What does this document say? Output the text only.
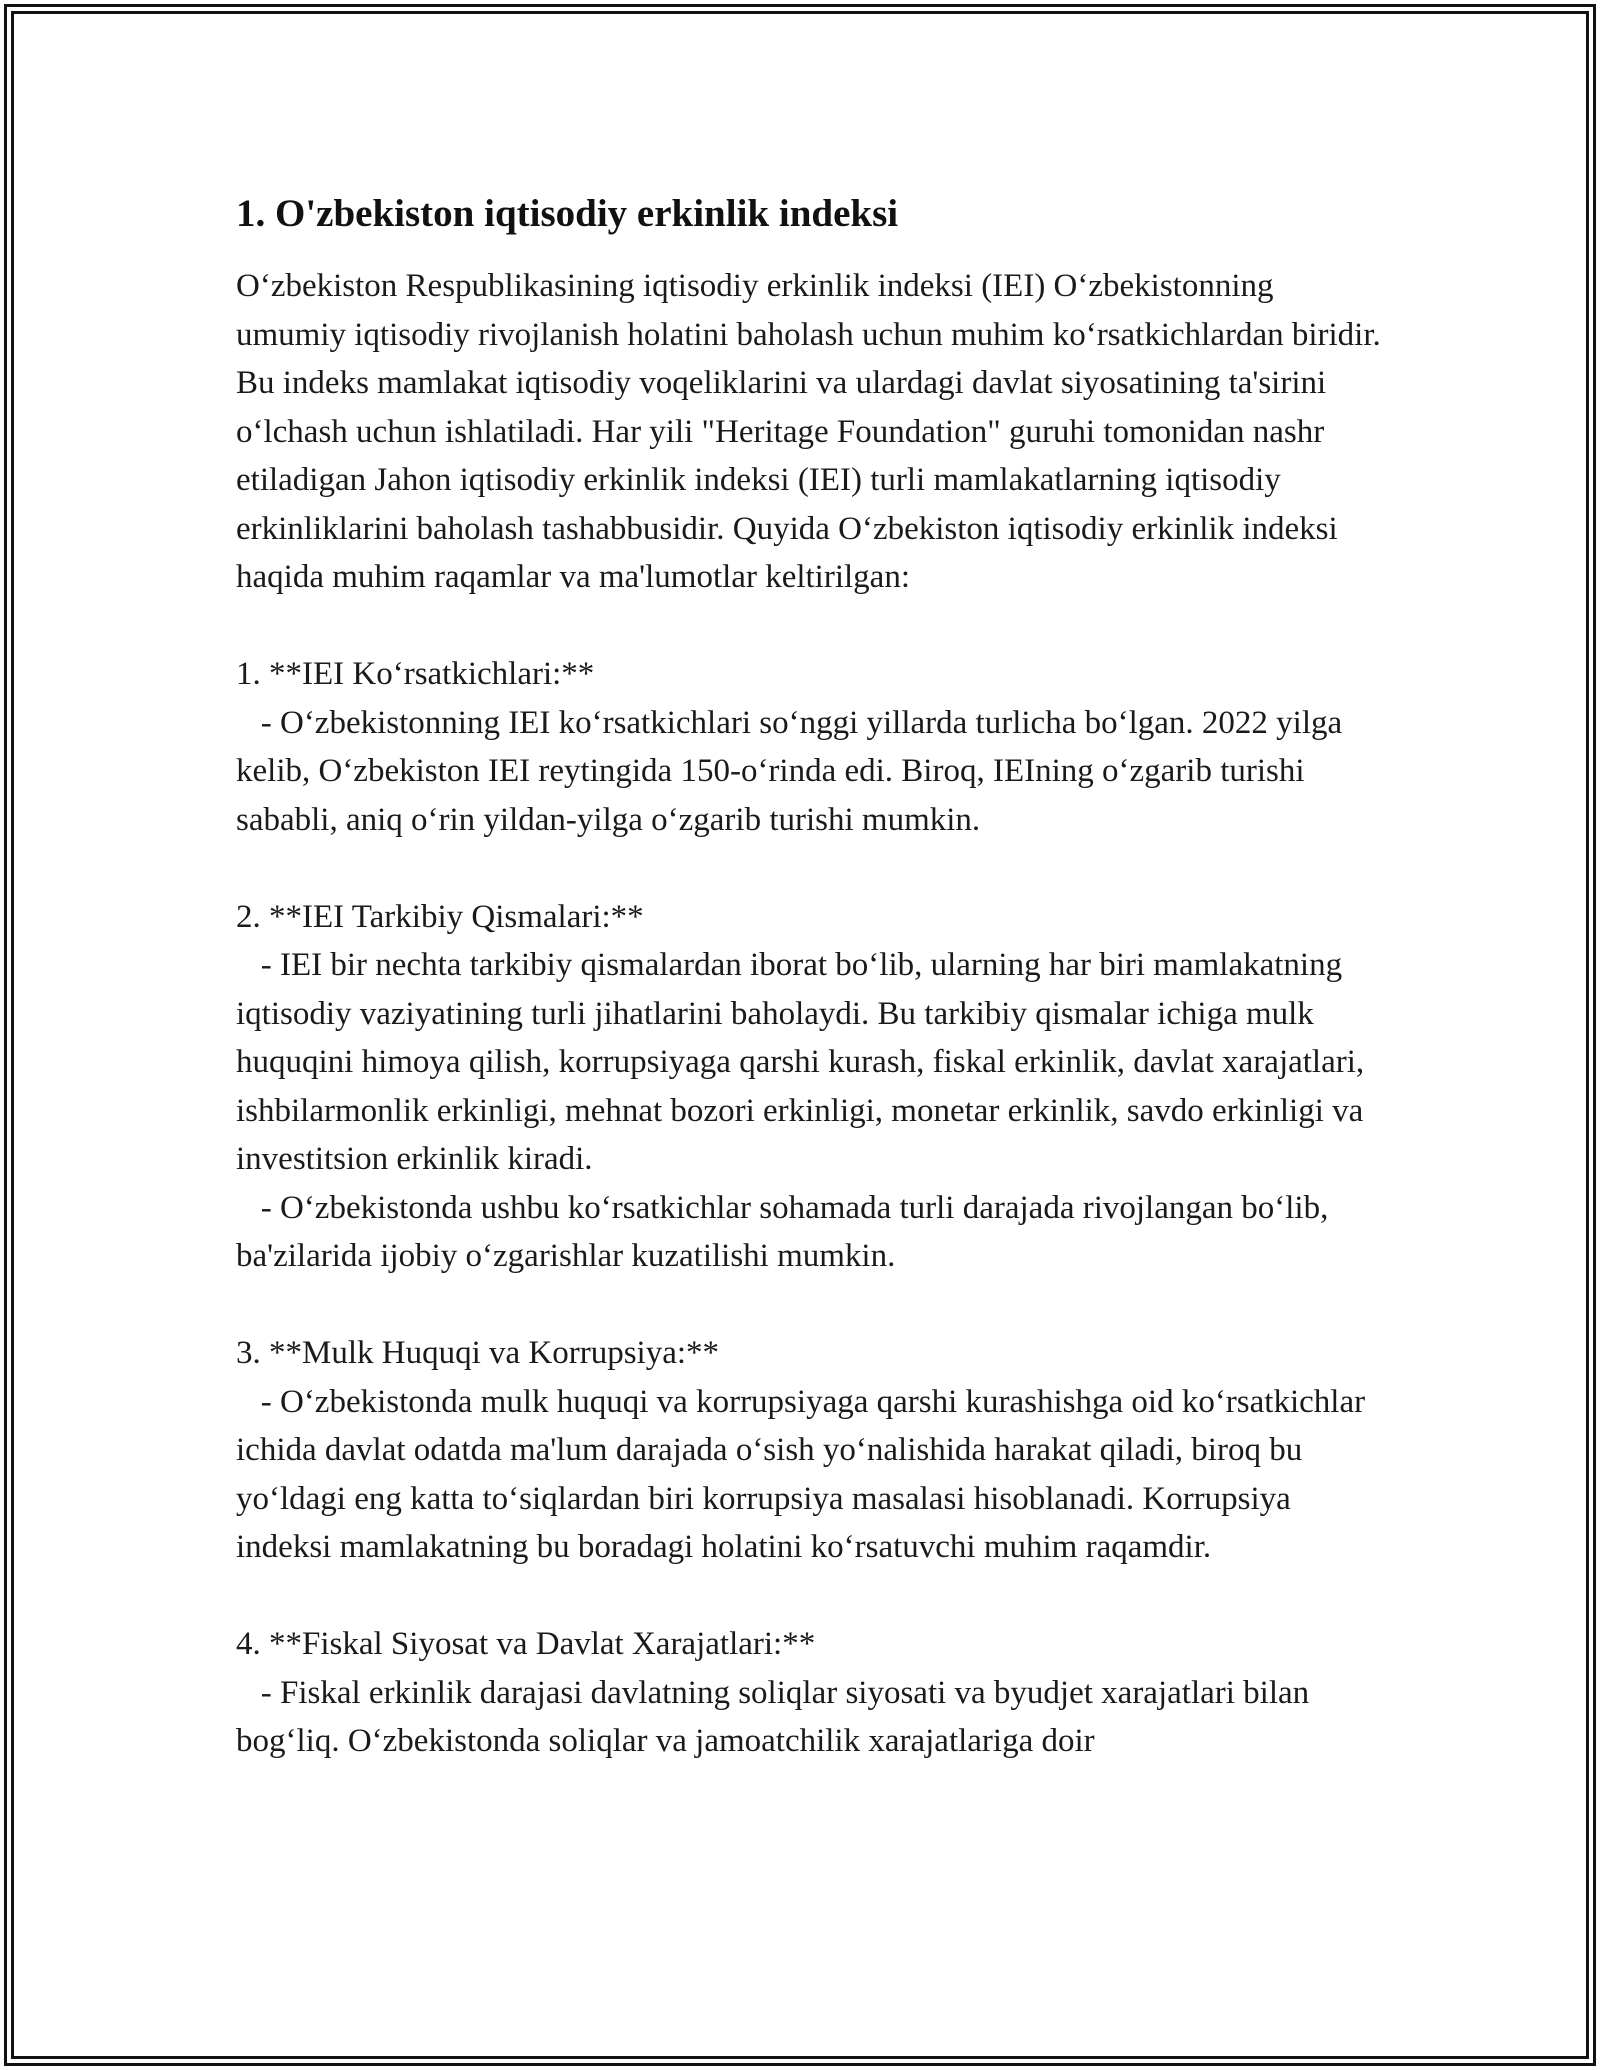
1. O'zbekiston iqtisodiy erkinlik indeksi

O‘zbekiston Respublikasining iqtisodiy erkinlik indeksi (IEI) O‘zbekistonning umumiy iqtisodiy rivojlanish holatini baholash uchun muhim ko‘rsatkichlardan biridir. Bu indeks mamlakat iqtisodiy voqeliklarini va ulardagi davlat siyosatining ta'sirini o‘lchash uchun ishlatiladi. Har yili "Heritage Foundation" guruhi tomonidan nashr etiladigan Jahon iqtisodiy erkinlik indeksi (IEI) turli mamlakatlarning iqtisodiy erkinliklarini baholash tashabbusidir. Quyida O‘zbekiston iqtisodiy erkinlik indeksi haqida muhim raqamlar va ma'lumotlar keltirilgan:

1. **IEI Ko‘rsatkichlari:**

- O‘zbekistonning IEI ko‘rsatkichlari so‘nggi yillarda turlicha bo‘lgan. 2022 yilga kelib, O‘zbekiston IEI reytingida 150-o‘rinda edi. Biroq, IEIning o‘zgarib turishi sababli, aniq o‘rin yildan-yilga o‘zgarib turishi mumkin.

2. **IEI Tarkibiy Qismalari:**

- IEI bir nechta tarkibiy qismalardan iborat bo‘lib, ularning har biri mamlakatning iqtisodiy vaziyatining turli jihatlarini baholaydi. Bu tarkibiy qismalar ichiga mulk huquqini himoya qilish, korrupsiyaga qarshi kurash, fiskal erkinlik, davlat xarajatlari, ishbilarmonlik erkinligi, mehnat bozori erkinligi, monetar erkinlik, savdo erkinligi va investitsion erkinlik kiradi.

- O‘zbekistonda ushbu ko‘rsatkichlar sohamada turli darajada rivojlangan bo‘lib, ba'zilarida ijobiy o‘zgarishlar kuzatilishi mumkin.

3. **Mulk Huquqi va Korrupsiya:**

- O‘zbekistonda mulk huquqi va korrupsiyaga qarshi kurashishga oid ko‘rsatkichlar ichida davlat odatda ma'lum darajada o‘sish yo‘nalishida harakat qiladi, biroq bu yo‘ldagi eng katta to‘siqlardan biri korrupsiya masalasi hisoblanadi. Korrupsiya indeksi mamlakatning bu boradagi holatini ko‘rsatuvchi muhim raqamdir.

4. **Fiskal Siyosat va Davlat Xarajatlari:**

- Fiskal erkinlik darajasi davlatning soliqlar siyosati va byudjet xarajatlari bilan bog‘liq. O‘zbekistonda soliqlar va jamoatchilik xarajatlariga doir
